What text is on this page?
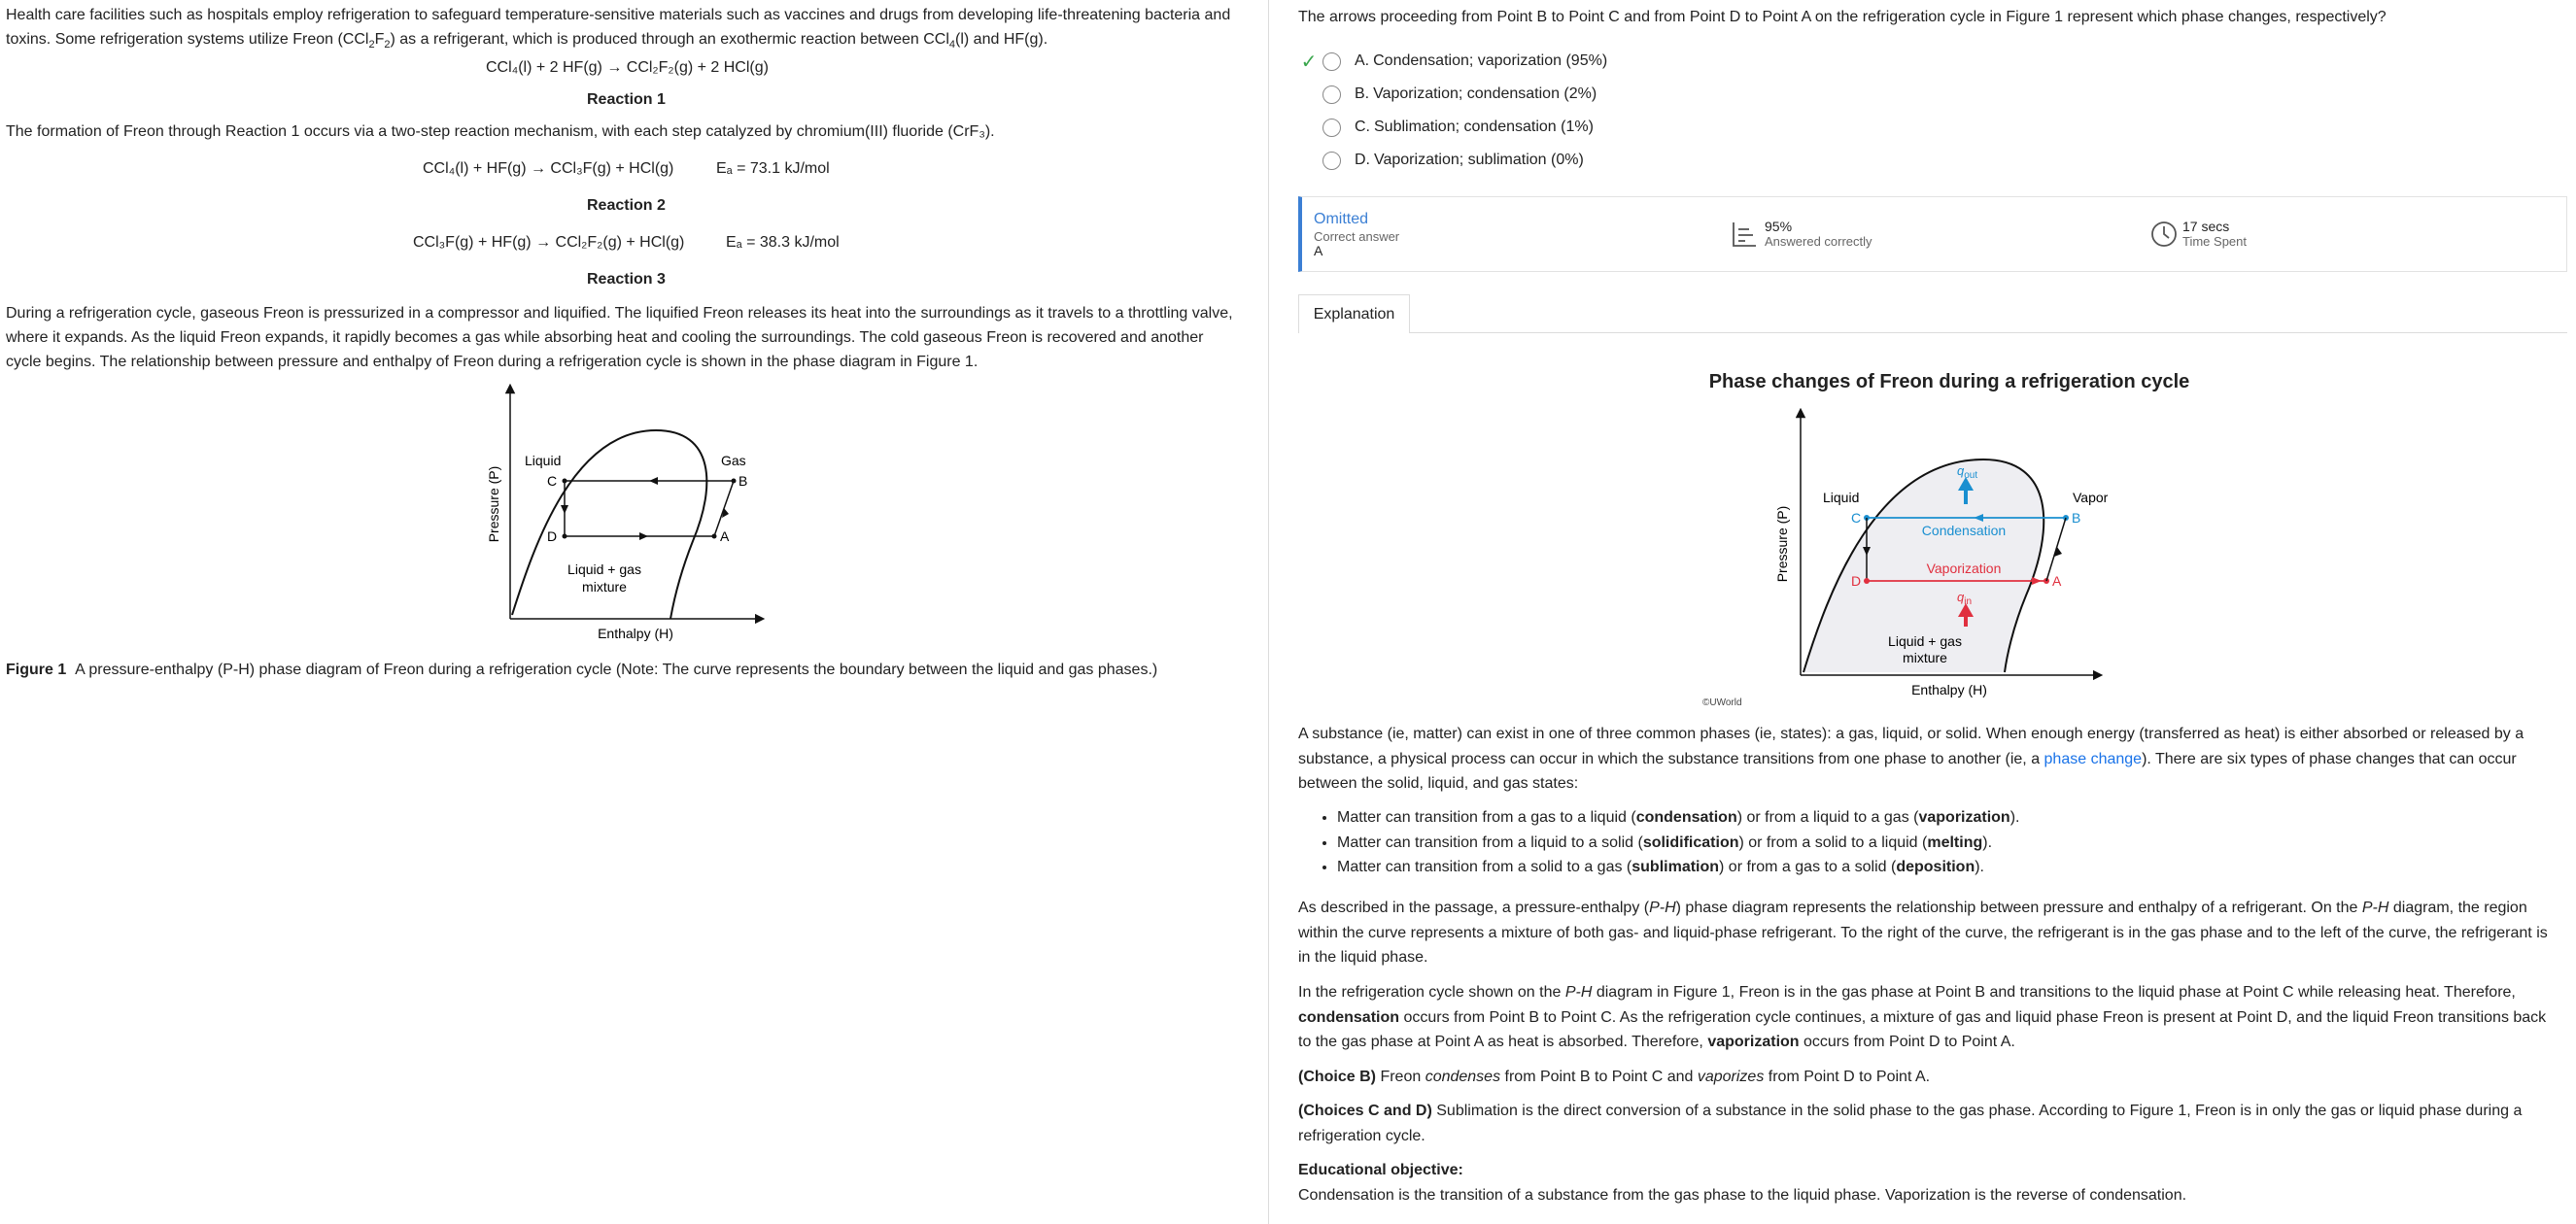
Health care facilities such as hospitals employ refrigeration to safeguard temperature-sensitive materials such as vaccines and drugs from developing life-threatening bacteria and
toxins. Some refrigeration systems utilize Freon $(CCl_2F_2)$ as a refrigerant, which is produced through an exothermic reaction between CCl$_4$(l) and HF(g).

CCl₄(l) + 2 HF(g) → CCl₂F₂(g) + 2 HCl(g)
Reaction 1
The formation of Freon through Reaction 1 occurs via a two-step reaction mechanism, with each step catalyzed by chromium(III) fluoride (CrF₃).
CCl₄(l) + HF(g) → CCl₃F(g) + HCl(g)	Eₐ = 73.1 kJ/mol
Reaction 2
CCl₃F(g) + HF(g) → CCl₂F₂(g) + HCl(g)	Eₐ = 38.3 kJ/mol
Reaction 3

During a refrigeration cycle, gaseous Freon is pressurized in a compressor and liquified. The liquified Freon releases its heat into the surroundings as it travels to a throttling valve,
where it expands. As the liquid Freon expands, it rapidly becomes a gas while absorbing heat and cooling the surroundings. The cold gaseous Freon is recovered and another
cycle begins. The relationship between pressure and enthalpy of Freon during a refrigeration cycle is shown in the phase diagram in Figure 1.

Liquid	Gas
C	B
D	A
Liquid + gas
mixture
Enthalpy (H)
Pressure (P)
Figure 1 A pressure-enthalpy (P-H) phase diagram of Freon during a refrigeration cycle (Note: The curve represents the boundary between the liquid and gas phases.)
The arrows proceeding from Point B to Point C and from Point D to Point A on the refrigeration cycle in Figure 1 represent which phase changes, respectively?
✓ A. Condensation; vaporization (95%)
B. Vaporization; condensation (2%)
C. Sublimation; condensation (1%)
D. Vaporization; sublimation (0%)
Omitted
Correct answer
A
95%
Answered correctly
17 secs
Time Spent
Explanation
Phase changes of Freon during a refrigeration cycle
$q_{out}$
$q_{in}$
Condensation
Vaporization
Liquid	Vapor
C	B
D	A
Liquid + gas
mixture
Enthalpy (H)
Pressure (P)
©UWorld

A substance (ie, matter) can exist in one of three common phases (ie, states): a gas, liquid, or solid. When enough energy (transferred as heat) is either absorbed or released by a substance, a physical process can occur in which the substance transitions from one phase to another (ie, a phase change). There are six types of phase changes that can occur between the solid, liquid, and gas states:

• Matter can transition from a gas to a liquid (condensation) or from a liquid to a gas (vaporization).
• Matter can transition from a liquid to a solid (solidification) or from a solid to a liquid (melting).
• Matter can transition from a solid to a gas (sublimation) or from a gas to a solid (deposition).

As described in the passage, a pressure-enthalpy (P-H) phase diagram represents the relationship between pressure and enthalpy of a refrigerant. On the P-H diagram, the region within the curve represents a mixture of both gas- and liquid-phase refrigerant. To the right of the curve, the refrigerant is in the gas phase and to the left of the curve, the refrigerant is in the liquid phase.

In the refrigeration cycle shown on the P-H diagram in Figure 1, Freon is in the gas phase at Point B and transitions to the liquid phase at Point C while releasing heat. Therefore, condensation occurs from Point B to Point C. As the refrigeration cycle continues, a mixture of gas and liquid phase Freon is present at Point D, and the liquid Freon transitions back to the gas phase at Point A as heat is absorbed. Therefore, vaporization occurs from Point D to Point A.

(Choice B) Freon condenses from Point B to Point C and vaporizes from Point D to Point A.

(Choices C and D) Sublimation is the direct conversion of a substance in the solid phase to the gas phase. According to Figure 1, Freon is in only the gas or liquid phase during a refrigeration cycle.

Educational objective:

Condensation is the transition of a substance from the gas phase to the liquid phase. Vaporization is the reverse of condensation.
